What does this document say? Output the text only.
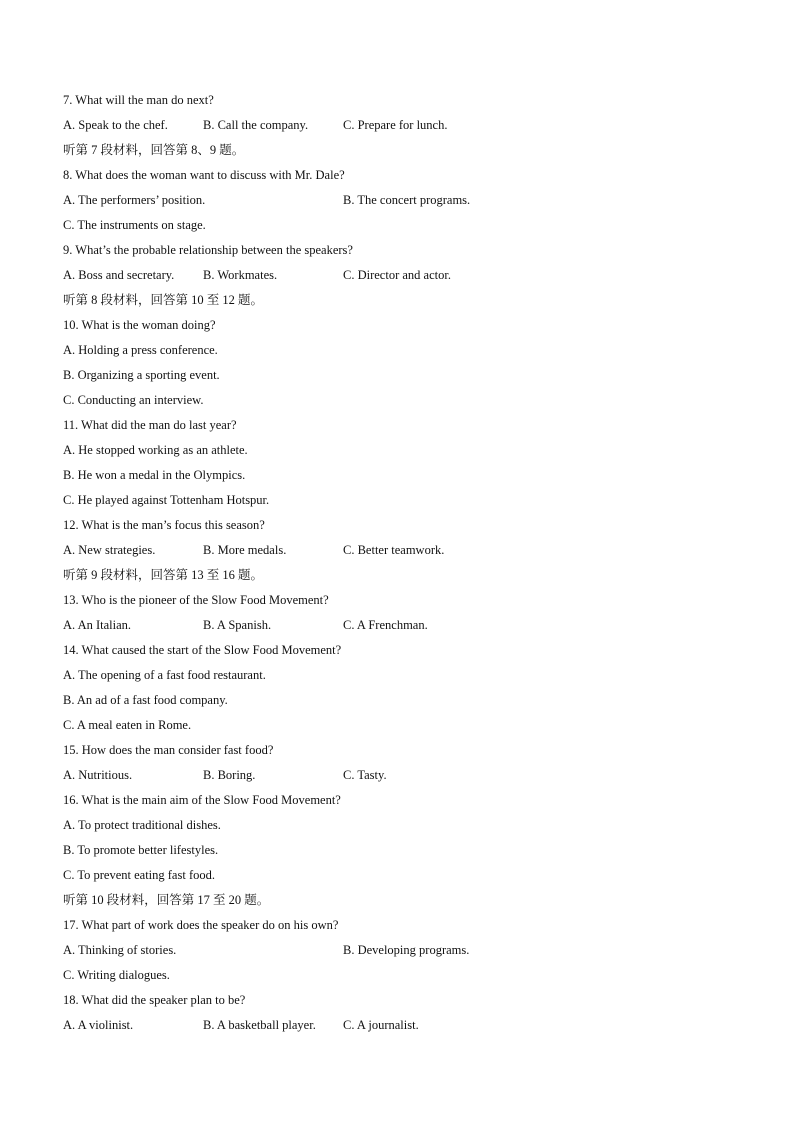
7. What will the man do next?
A. Speak to the chef.	B. Call the company.	C. Prepare for lunch.
听第 7 段材料，回答第 8、9 题。
8. What does the woman want to discuss with Mr. Dale?
A. The performers’ position.	B. The concert programs.
C. The instruments on stage.
9. What’s the probable relationship between the speakers?
A. Boss and secretary. B. Workmates.	C. Director and actor.
听第 8 段材料，回答第 10 至 12 题。
10. What is the woman doing?
A. Holding a press conference.
B. Organizing a sporting event.
C. Conducting an interview.
11. What did the man do last year?
A. He stopped working as an athlete.
B. He won a medal in the Olympics.
C. He played against Tottenham Hotspur.
12. What is the man’s focus this season?
A. New strategies.	B. More medals.	C. Better teamwork.
听第 9 段材料，回答第 13 至 16 题。
13. Who is the pioneer of the Slow Food Movement?
A. An Italian.	B. A Spanish.	C. A Frenchman.
14. What caused the start of the Slow Food Movement?
A. The opening of a fast food restaurant.
B. An ad of a fast food company.
C. A meal eaten in Rome.
15. How does the man consider fast food?
A. Nutritious.	B. Boring.	C. Tasty.
16. What is the main aim of the Slow Food Movement?
A. To protect traditional dishes.
B. To promote better lifestyles.
C. To prevent eating fast food.
听第 10 段材料，回答第 17 至 20 题。
17. What part of work does the speaker do on his own?
A. Thinking of stories.	B. Developing programs.
C. Writing dialogues.
18. What did the speaker plan to be?
A. A violinist.	B. A basketball player. C. A journalist.
